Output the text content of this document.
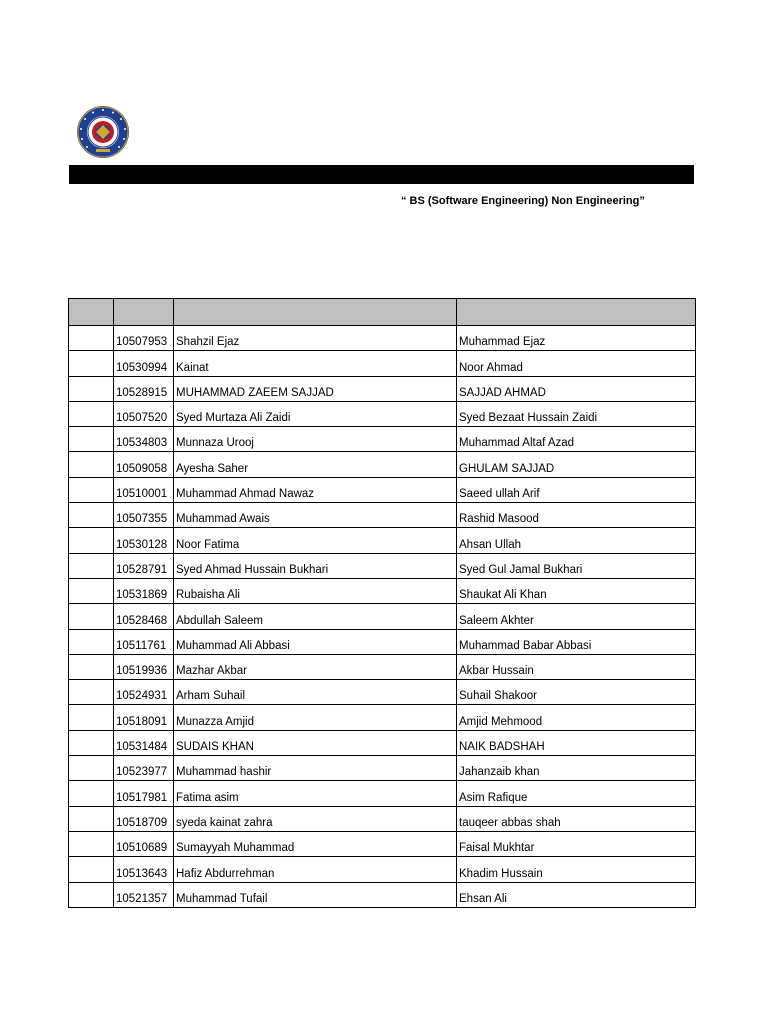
“ BS (Software Engineering) Non Engineering”

	10507953	Shahzil Ejaz	Muhammad Ejaz
	10530994	Kainat	Noor Ahmad
	10528915	MUHAMMAD ZAEEM SAJJAD	SAJJAD AHMAD
	10507520	Syed Murtaza Ali Zaidi	Syed Bezaat Hussain Zaidi
	10534803	Munnaza Urooj	Muhammad Altaf Azad
	10509058	Ayesha Saher	GHULAM SAJJAD
	10510001	Muhammad Ahmad Nawaz	Saeed ullah Arif
	10507355	Muhammad Awais	Rashid Masood
	10530128	Noor Fatima	Ahsan Ullah
	10528791	Syed Ahmad Hussain Bukhari	Syed Gul Jamal Bukhari
	10531869	Rubaisha Ali	Shaukat Ali Khan
	10528468	Abdullah Saleem	Saleem Akhter
	10511761	Muhammad Ali Abbasi	Muhammad Babar Abbasi
	10519936	Mazhar Akbar	Akbar Hussain
	10524931	Arham Suhail	Suhail Shakoor
	10518091	Munazza Amjid	Amjid Mehmood
	10531484	SUDAIS KHAN	NAIK BADSHAH
	10523977	Muhammad hashir	Jahanzaib khan
	10517981	Fatima asim	Asim Rafique
	10518709	syeda kainat zahra	tauqeer abbas shah
	10510689	Sumayyah Muhammad	Faisal Mukhtar
	10513643	Hafiz Abdurrehman	Khadim Hussain
	10521357	Muhammad Tufail	Ehsan Ali
